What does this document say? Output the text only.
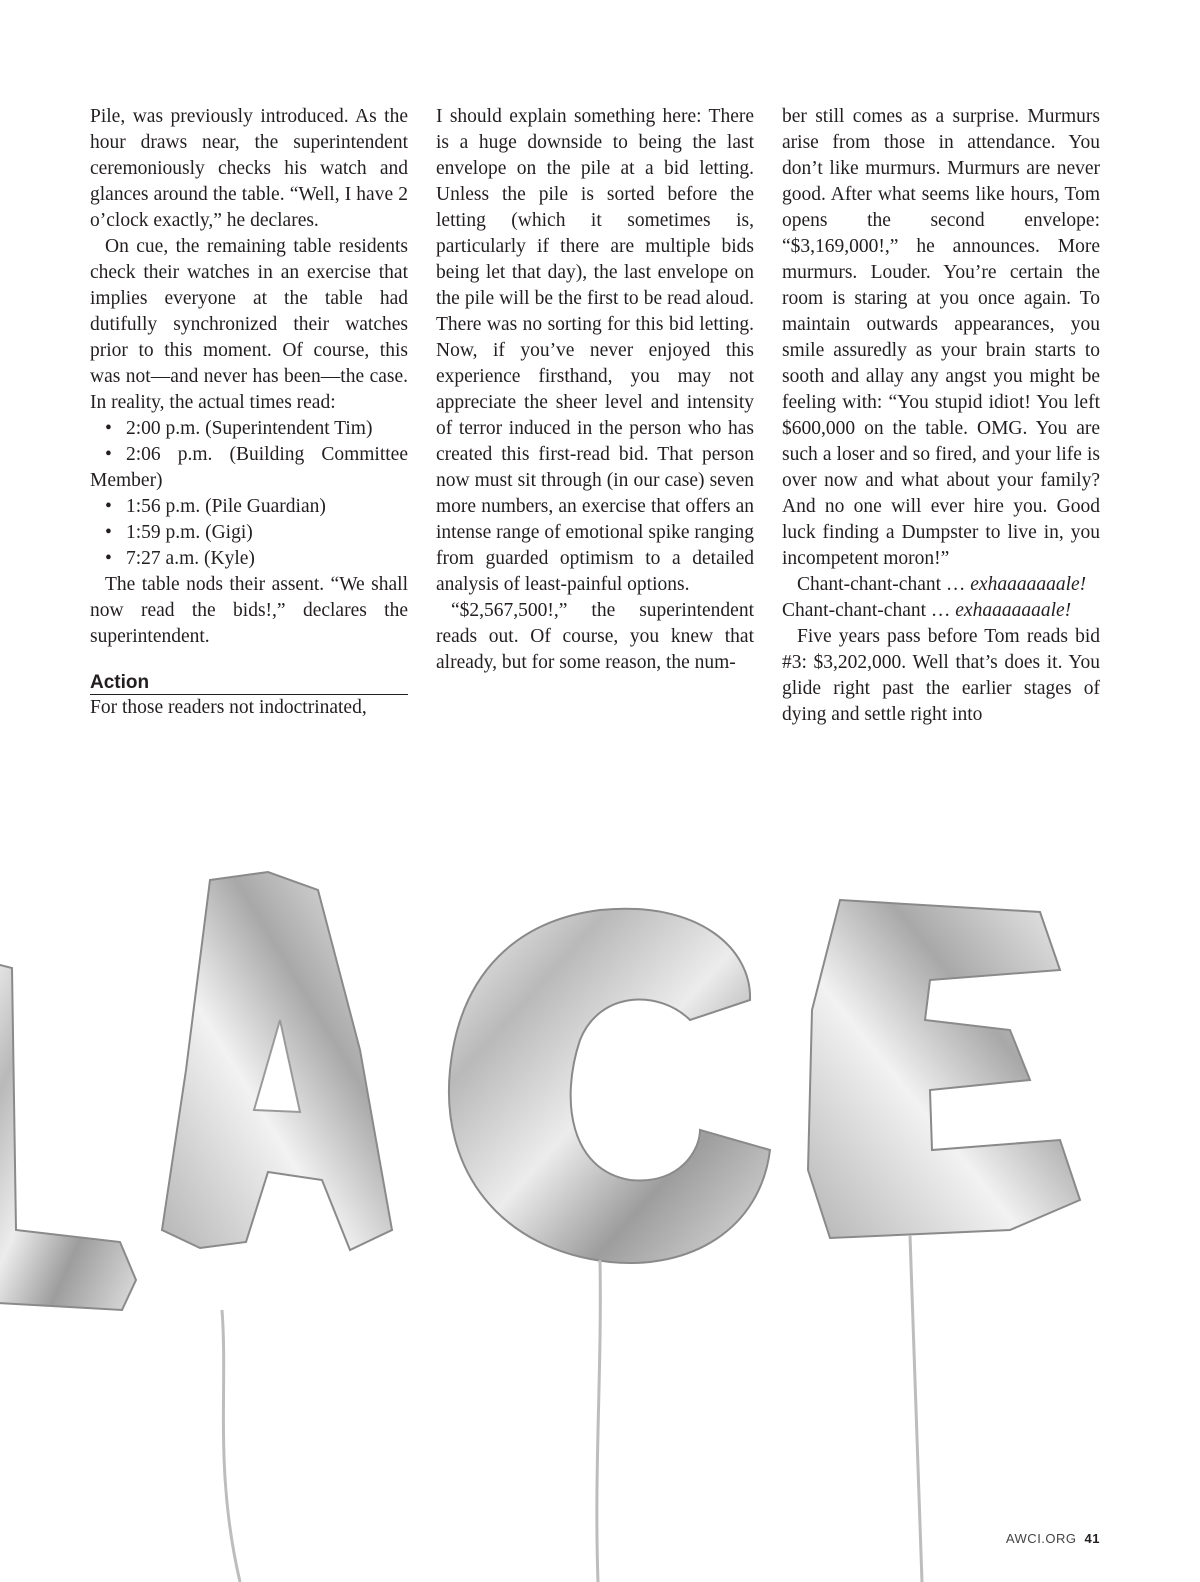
Pile, was previously introduced. As the hour draws near, the superintendent ceremoniously checks his watch and glances around the table. “Well, I have 2 o’clock exactly,” he declares.

On cue, the remaining table residents check their watches in an exercise that implies everyone at the table had dutifully synchronized their watches prior to this moment. Of course, this was not—and never has been—the case. In reality, the actual times read:

• 2:00 p.m. (Superintendent Tim)
• 2:06 p.m. (Building Committee Member)
• 1:56 p.m. (Pile Guardian)
• 1:59 p.m. (Gigi)
• 7:27 a.m. (Kyle)

The table nods their assent. “We shall now read the bids!,” declares the superintendent.

Action

For those readers not indoctrinated,

I should explain something here: There is a huge downside to being the last envelope on the pile at a bid letting. Unless the pile is sorted before the letting (which it sometimes is, particularly if there are multiple bids being let that day), the last envelope on the pile will be the first to be read aloud. There was no sorting for this bid letting. Now, if you’ve never enjoyed this experience firsthand, you may not appreciate the sheer level and intensity of terror induced in the person who has created this first-read bid. That person now must sit through (in our case) seven more numbers, an exercise that offers an intense range of emotional spike ranging from guarded optimism to a detailed analysis of least-painful options.

“$2,567,500!,” the superintendent reads out. Of course, you knew that already, but for some reason, the num-

ber still comes as a surprise. Murmurs arise from those in attendance. You don’t like murmurs. Murmurs are never good. After what seems like hours, Tom opens the second envelope: “$3,169,000!,” he announces. More murmurs. Louder. You’re certain the room is staring at you once again. To maintain outwards appearances, you smile assuredly as your brain starts to sooth and allay any angst you might be feeling with: “You stupid idiot! You left $600,000 on the table. OMG. You are such a loser and so fired, and your life is over now and what about your family? And no one will ever hire you. Good luck finding a Dumpster to live in, you incompetent moron!”

Chant-chant-chant … exhaaaaaaale!

Chant-chant-chant … exhaaaaaaale!

Five years pass before Tom reads bid #3: $3,202,000. Well that’s does it. You glide right past the earlier stages of dying and settle right into

AWCI.ORG 41
